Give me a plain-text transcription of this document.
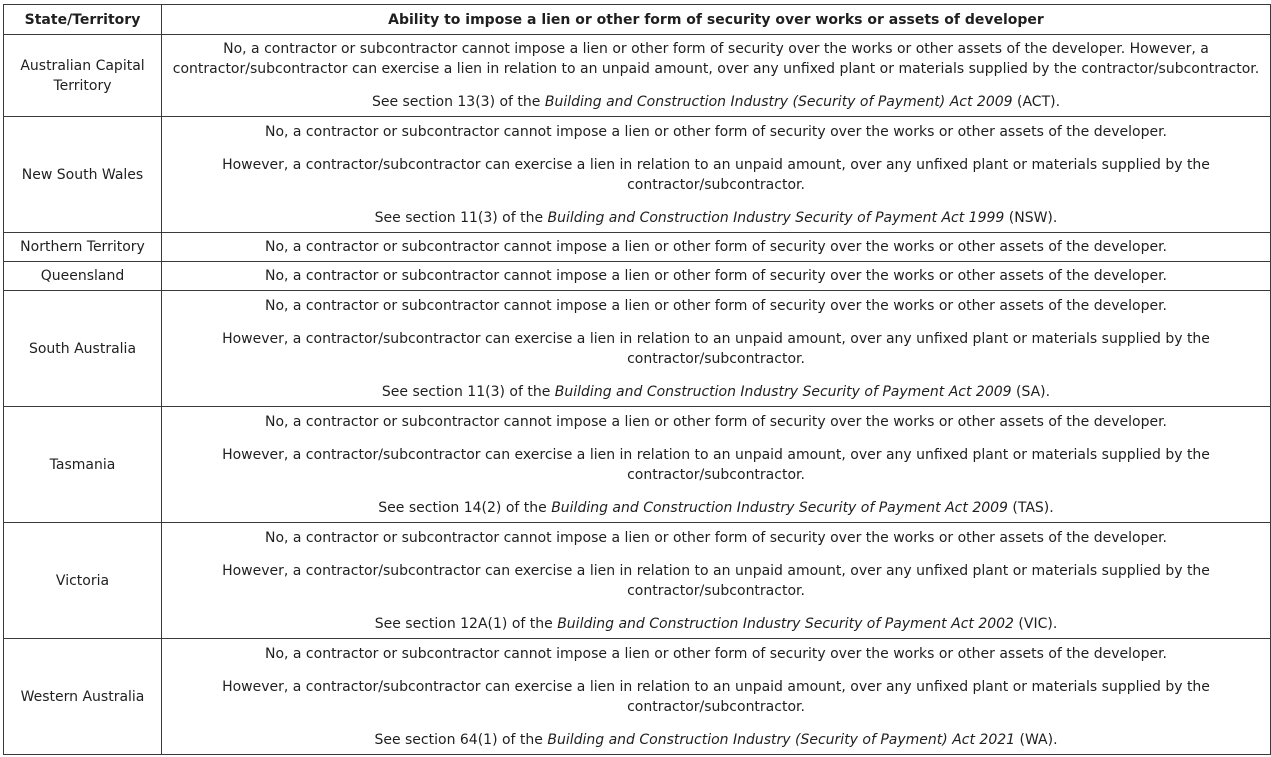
State/Territory	Ability to impose a lien or other form of security over works or assets of developer
Australian Capital Territory	No, a contractor or subcontractor cannot impose a lien or other form of security over the works or other assets of the developer. However, a contractor/subcontractor can exercise a lien in relation to an unpaid amount, over any unfixed plant or materials supplied by the contractor/subcontractor.

See section 13(3) of the Building and Construction Industry (Security of Payment) Act 2009 (ACT).

New South Wales	No, a contractor or subcontractor cannot impose a lien or other form of security over the works or other assets of the developer.

However, a contractor/subcontractor can exercise a lien in relation to an unpaid amount, over any unfixed plant or materials supplied by the contractor/subcontractor.

See section 11(3) of the Building and Construction Industry Security of Payment Act 1999 (NSW).

Northern Territory	No, a contractor or subcontractor cannot impose a lien or other form of security over the works or other assets of the developer.

Queensland	No, a contractor or subcontractor cannot impose a lien or other form of security over the works or other assets of the developer.

South Australia	No, a contractor or subcontractor cannot impose a lien or other form of security over the works or other assets of the developer.

However, a contractor/subcontractor can exercise a lien in relation to an unpaid amount, over any unfixed plant or materials supplied by the contractor/subcontractor.

See section 11(3) of the Building and Construction Industry Security of Payment Act 2009 (SA).

Tasmania	No, a contractor or subcontractor cannot impose a lien or other form of security over the works or other assets of the developer.

However, a contractor/subcontractor can exercise a lien in relation to an unpaid amount, over any unfixed plant or materials supplied by the contractor/subcontractor.

See section 14(2) of the Building and Construction Industry Security of Payment Act 2009 (TAS).

Victoria	No, a contractor or subcontractor cannot impose a lien or other form of security over the works or other assets of the developer.

However, a contractor/subcontractor can exercise a lien in relation to an unpaid amount, over any unfixed plant or materials supplied by the contractor/subcontractor.

See section 12A(1) of the Building and Construction Industry Security of Payment Act 2002 (VIC).

Western Australia	No, a contractor or subcontractor cannot impose a lien or other form of security over the works or other assets of the developer.

However, a contractor/subcontractor can exercise a lien in relation to an unpaid amount, over any unfixed plant or materials supplied by the contractor/subcontractor.

See section 64(1) of the Building and Construction Industry (Security of Payment) Act 2021 (WA).
